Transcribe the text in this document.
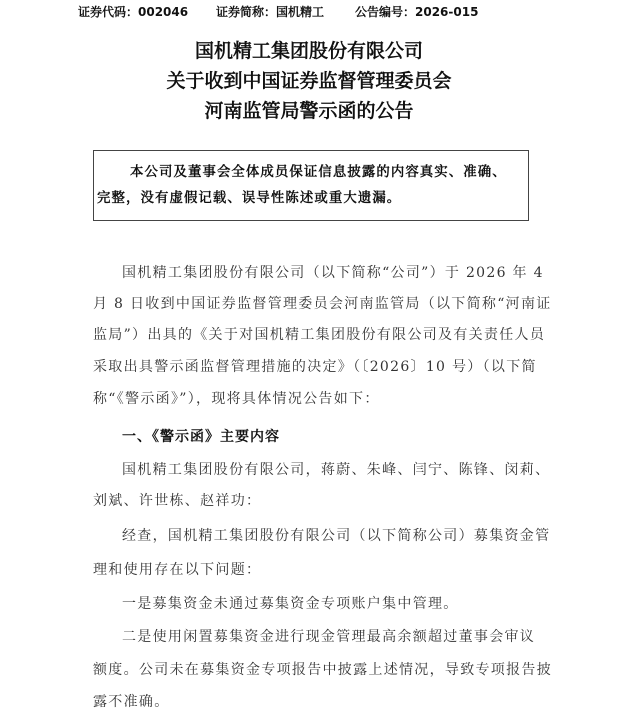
证券代码：002046 证券简称：国机精工	公告编号：2026-015
国机精工集团股份有限公司
关于收到中国证券监督管理委员会
河南监管局警示函的公告
本公司及董事会全体成员保证信息披露的内容真实、准确、
完整，没有虚假记载、误导性陈述或重大遗漏。
国机精工集团股份有限公司（以下简称“公司”）于 2026 年 4
月 8 日收到中国证券监督管理委员会河南监管局（以下简称“河南证
监局”）出具的《关于对国机精工集团股份有限公司及有关责任人员
采取出具警示函监督管理措施的决定》（〔2026〕10 号）（以下简
称“《警示函》”），现将具体情况公告如下：
一、《警示函》主要内容
国机精工集团股份有限公司，蒋蔚、朱峰、闫宁、陈锋、闵莉、
刘斌、许世栋、赵祥功：
经查，国机精工集团股份有限公司（以下简称公司）募集资金管
理和使用存在以下问题：
一是募集资金未通过募集资金专项账户集中管理。
二是使用闲置募集资金进行现金管理最高余额超过董事会审议
额度。公司未在募集资金专项报告中披露上述情况，导致专项报告披
露不准确。
